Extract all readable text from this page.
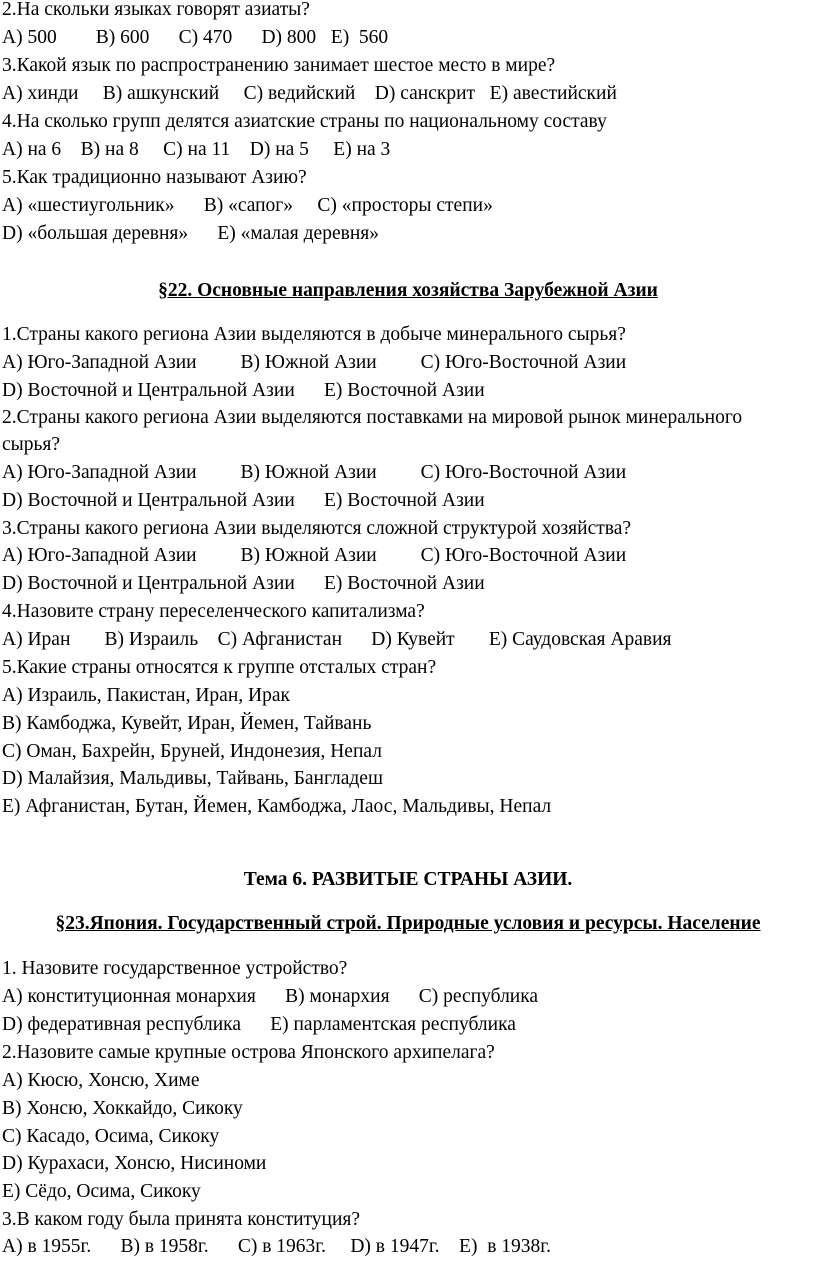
2.На скольки языках говорят азиаты?
A) 500        B) 600      C) 470      D) 800   E)  560
3.Какой язык по распространению занимает шестое место в мире?
A) хинди     B) ашкунский     C) ведийский    D) санскрит   E) авестийский
4.На сколько групп делятся азиатские страны по национальному составу
A) на 6    B) на 8     C) на 11    D) на 5     E) на 3
5.Как традиционно называют Азию?
A) «шестиугольник»      B) «сапог»     C) «просторы степи»
D) «большая деревня»      E) «малая деревня»
§22. Основные направления хозяйства Зарубежной Азии
1.Страны какого региона Азии выделяются в добыче минерального сырья?
A) Юго-Западной Азии         B) Южной Азии         C) Юго-Восточной Азии
D) Восточной и Центральной Азии      E) Восточной Азии
2.Страны какого региона Азии выделяются поставками на мировой рынок минерального
сырья?
A) Юго-Западной Азии         B) Южной Азии         C) Юго-Восточной Азии
D) Восточной и Центральной Азии      E) Восточной Азии
3.Страны какого региона Азии выделяются сложной структурой хозяйства?
A) Юго-Западной Азии         B) Южной Азии         C) Юго-Восточной Азии
D) Восточной и Центральной Азии      E) Восточной Азии
4.Назовите страну переселенческого капитализма?
A) Иран       B) Израиль    C) Афганистан      D) Кувейт       E) Саудовская Аравия
5.Какие страны относятся к группе отсталых стран?
A) Израиль, Пакистан, Иран, Ирак
B) Камбоджа, Кувейт, Иран, Йемен, Тайвань
C) Оман, Бахрейн, Бруней, Индонезия, Непал
D) Малайзия, Мальдивы, Тайвань, Бангладеш
E) Афганистан, Бутан, Йемен, Камбоджа, Лаос, Мальдивы, Непал
Тема 6. РАЗВИТЫЕ СТРАНЫ АЗИИ.
§23.Япония. Государственный строй. Природные условия и ресурсы. Население
1. Назовите государственное устройство?
A) конституционная монархия      B) монархия      C) республика
D) федеративная республика      E) парламентская республика
2.Назовите самые крупные острова Японского архипелага?
A) Кюсю, Хонсю, Химе
B) Хонсю, Хоккайдо, Сикоку
C) Касадо, Осима, Сикоку
D) Курахаси, Хонсю, Нисиноми
E) Сёдо, Осима, Сикоку
3.В каком году была принята конституция?
A) в 1955г.      B) в 1958г.      C) в 1963г.     D) в 1947г.    E)  в 1938г.
